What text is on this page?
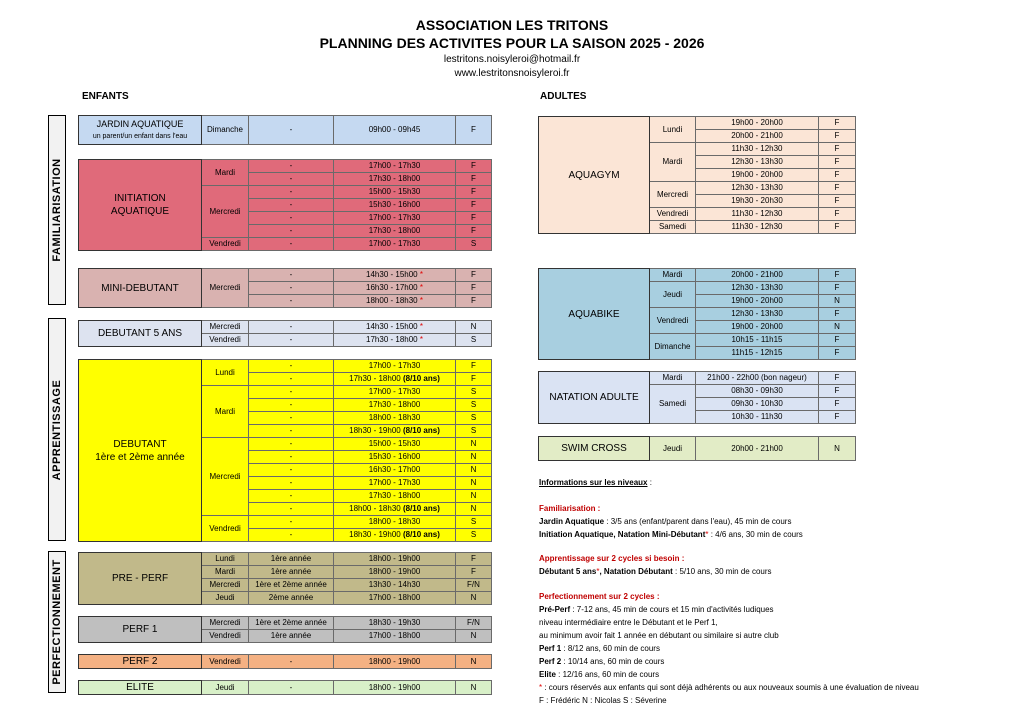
ASSOCIATION LES TRITONS
PLANNING DES ACTIVITES POUR LA SAISON 2025 - 2026
lestritons.noisyleroi@hotmail.fr
www.lestritonsnoisyleroi.fr
ENFANTS	ADULTES
FAMILIARISATION
APPRENTISSAGE
PERFECTIONNEMENT
JARDIN AQUATIQUE
un parent/un enfant dans l'eau	Dimanche	-	09h00 - 09h45	F
INITIATION
AQUATIQUE	Mardi	-	17h00 - 17h30	F
		-	17h30 - 18h00	F
	Mercredi	-	15h00 - 15h30	F
		-	15h30 - 16h00	F
		-	17h00 - 17h30	F
		-	17h30 - 18h00	F
	Vendredi	-	17h00 - 17h30	S
MINI-DEBUTANT	Mercredi	-	14h30 - 15h00 *	F
		-	16h30 - 17h00 *	F
		-	18h00 - 18h30 *	F
DEBUTANT 5 ANS	Mercredi	-	14h30 - 15h00 *	N
	Vendredi	-	17h30 - 18h00 *	S
DEBUTANT
1ère et 2ème année	Lundi	-	17h00 - 17h30	F
		-	17h30 - 18h00 (8/10 ans)	F
	Mardi	-	17h00 - 17h30	S
		-	17h30 - 18h00	S
		-	18h00 - 18h30	S
		-	18h30 - 19h00 (8/10 ans)	S
	Mercredi	-	15h00 - 15h30	N
		-	15h30 - 16h00	N
		-	16h30 - 17h00	N
		-	17h00 - 17h30	N
		-	17h30 - 18h00	N
		-	18h00 - 18h30 (8/10 ans)	N
	Vendredi	-	18h00 - 18h30	S
		-	18h30 - 19h00 (8/10 ans)	S
PRE - PERF	Lundi	1ère année	18h00 - 19h00	F
	Mardi	1ère année	18h00 - 19h00	F
	Mercredi	1ère et 2ème année	13h30 - 14h30	F/N
	Jeudi	2ème année	17h00 - 18h00	N
PERF 1	Mercredi	1ère et 2ème année	18h30 - 19h30	F/N
	Vendredi	1ère année	17h00 - 18h00	N
PERF 2	Vendredi	-	18h00 - 19h00	N
ELITE	Jeudi	-	18h00 - 19h00	N
AQUAGYM	Lundi	19h00 - 20h00	F
		20h00 - 21h00	F
	Mardi	11h30 - 12h30	F
		12h30 - 13h30	F
		19h00 - 20h00	F
	Mercredi	12h30 - 13h30	F
		19h30 - 20h30	F
	Vendredi	11h30 - 12h30	F
	Samedi	11h30 - 12h30	F
AQUABIKE	Mardi	20h00 - 21h00	F
	Jeudi	12h30 - 13h30	F
		19h00 - 20h00	N
	Vendredi	12h30 - 13h30	F
		19h00 - 20h00	N
	Dimanche	10h15 - 11h15	F
		11h15 - 12h15	F
NATATION ADULTE	Mardi	21h00 - 22h00 (bon nageur)	F
	Samedi	08h30 - 09h30	F
		09h30 - 10h30	F
		10h30 - 11h30	F
SWIM CROSS	Jeudi	20h00 - 21h00	N

Informations sur les niveaux :

Familiarisation :

Jardin Aquatique : 3/5 ans (enfant/parent dans l'eau), 45 min de cours

Initiation Aquatique, Natation Mini-Débutant* : 4/6 ans, 30 min de cours

Apprentissage sur 2 cycles si besoin :

Débutant 5 ans*, Natation Débutant : 5/10 ans, 30 min de cours

Perfectionnement sur 2 cycles :

Pré-Perf : 7-12 ans, 45 min de cours et 15 min d'activités ludiques

niveau intermédiaire entre le Débutant et le Perf 1,

au minimum avoir fait 1 année en débutant ou similaire si autre club

Perf 1 : 8/12 ans, 60 min de cours

Perf 2 : 10/14 ans, 60 min de cours

Elite : 12/16 ans, 60 min de cours

* : cours réservés aux enfants qui sont déjà adhérents ou aux nouveaux soumis à une évaluation de niveau

F : Frédéric N : Nicolas S : Séverine
